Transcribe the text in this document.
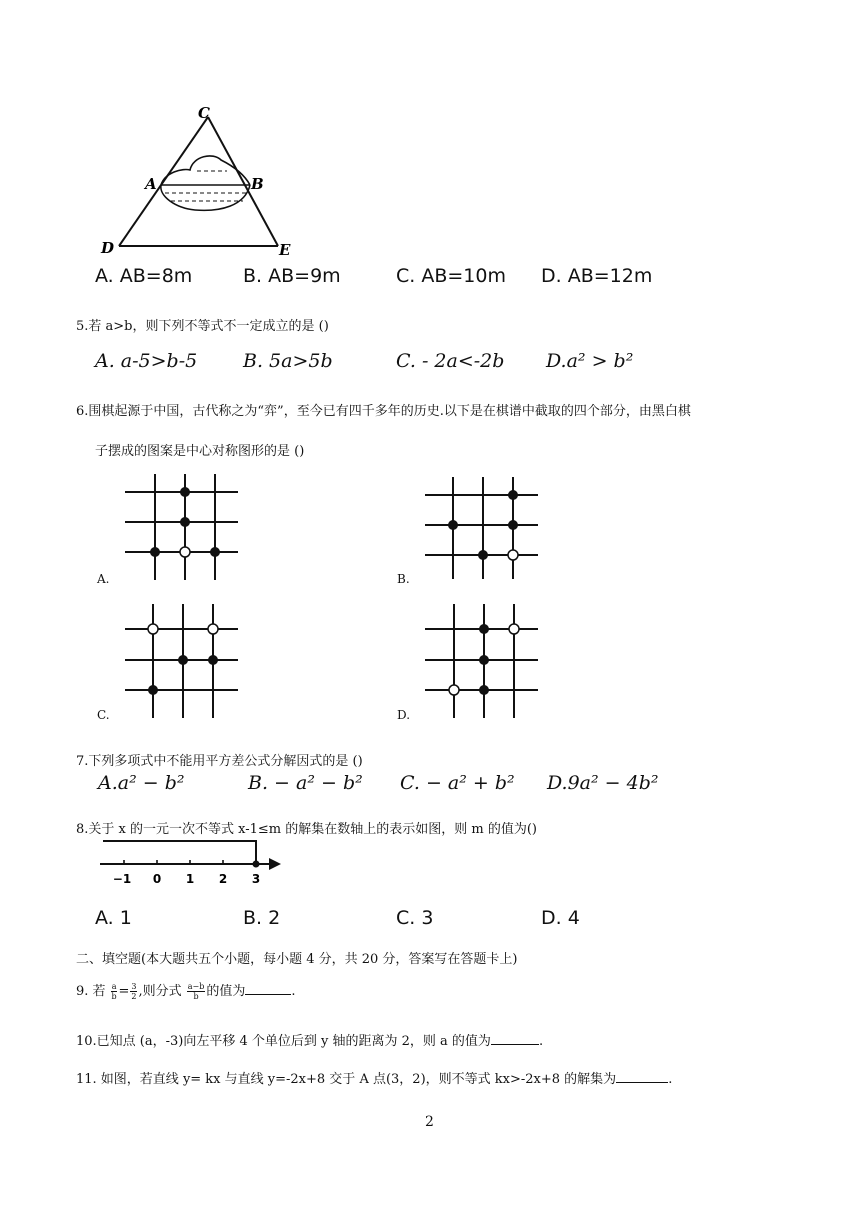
C
A	B
D	E
A. AB=8m	B. AB=9m	C. AB=10m D. AB=12m
5.若 a>b，则下列不等式不一定成立的是 ()
A. a-5>b-5 B. 5a>5b	C. - 2a<-2b D.a² > b²
6.围棋起源于中国，古代称之为“弈”，至今已有四千多年的历史.以下是在棋谱中截取的四个部分，由黑白棋
子摆成的图案是中心对称图形的是 ()
A.	B.
C.	D.
7.下列多项式中不能用平方差公式分解因式的是 ()
A.a² − b²	B. − a² − b² C. − a² + b² D.9a² − 4b²
8.关于 x 的一元一次不等式 x-1≤m 的解集在数轴上的表示如图，则 m 的值为()
−1 0 1 2 3
A. 1	B. 2	C. 3	D. 4
二、填空题(本大题共五个小题，每小题 4 分，共 20 分，答案写在答题卡上)
9. 若 $\frac{a}{b} = \frac{3}{2}$ ,则分式 $\frac{a-b}{b}$ 的值为	.
10.已知点 (a，-3)向左平移 4 个单位后到 y 轴的距离为 2，则 a 的值为	.
11. 如图，若直线 y= kx 与直线 y=-2x+8 交于 A 点(3，2)，则不等式 kx>-2x+8 的解集为	.
2
